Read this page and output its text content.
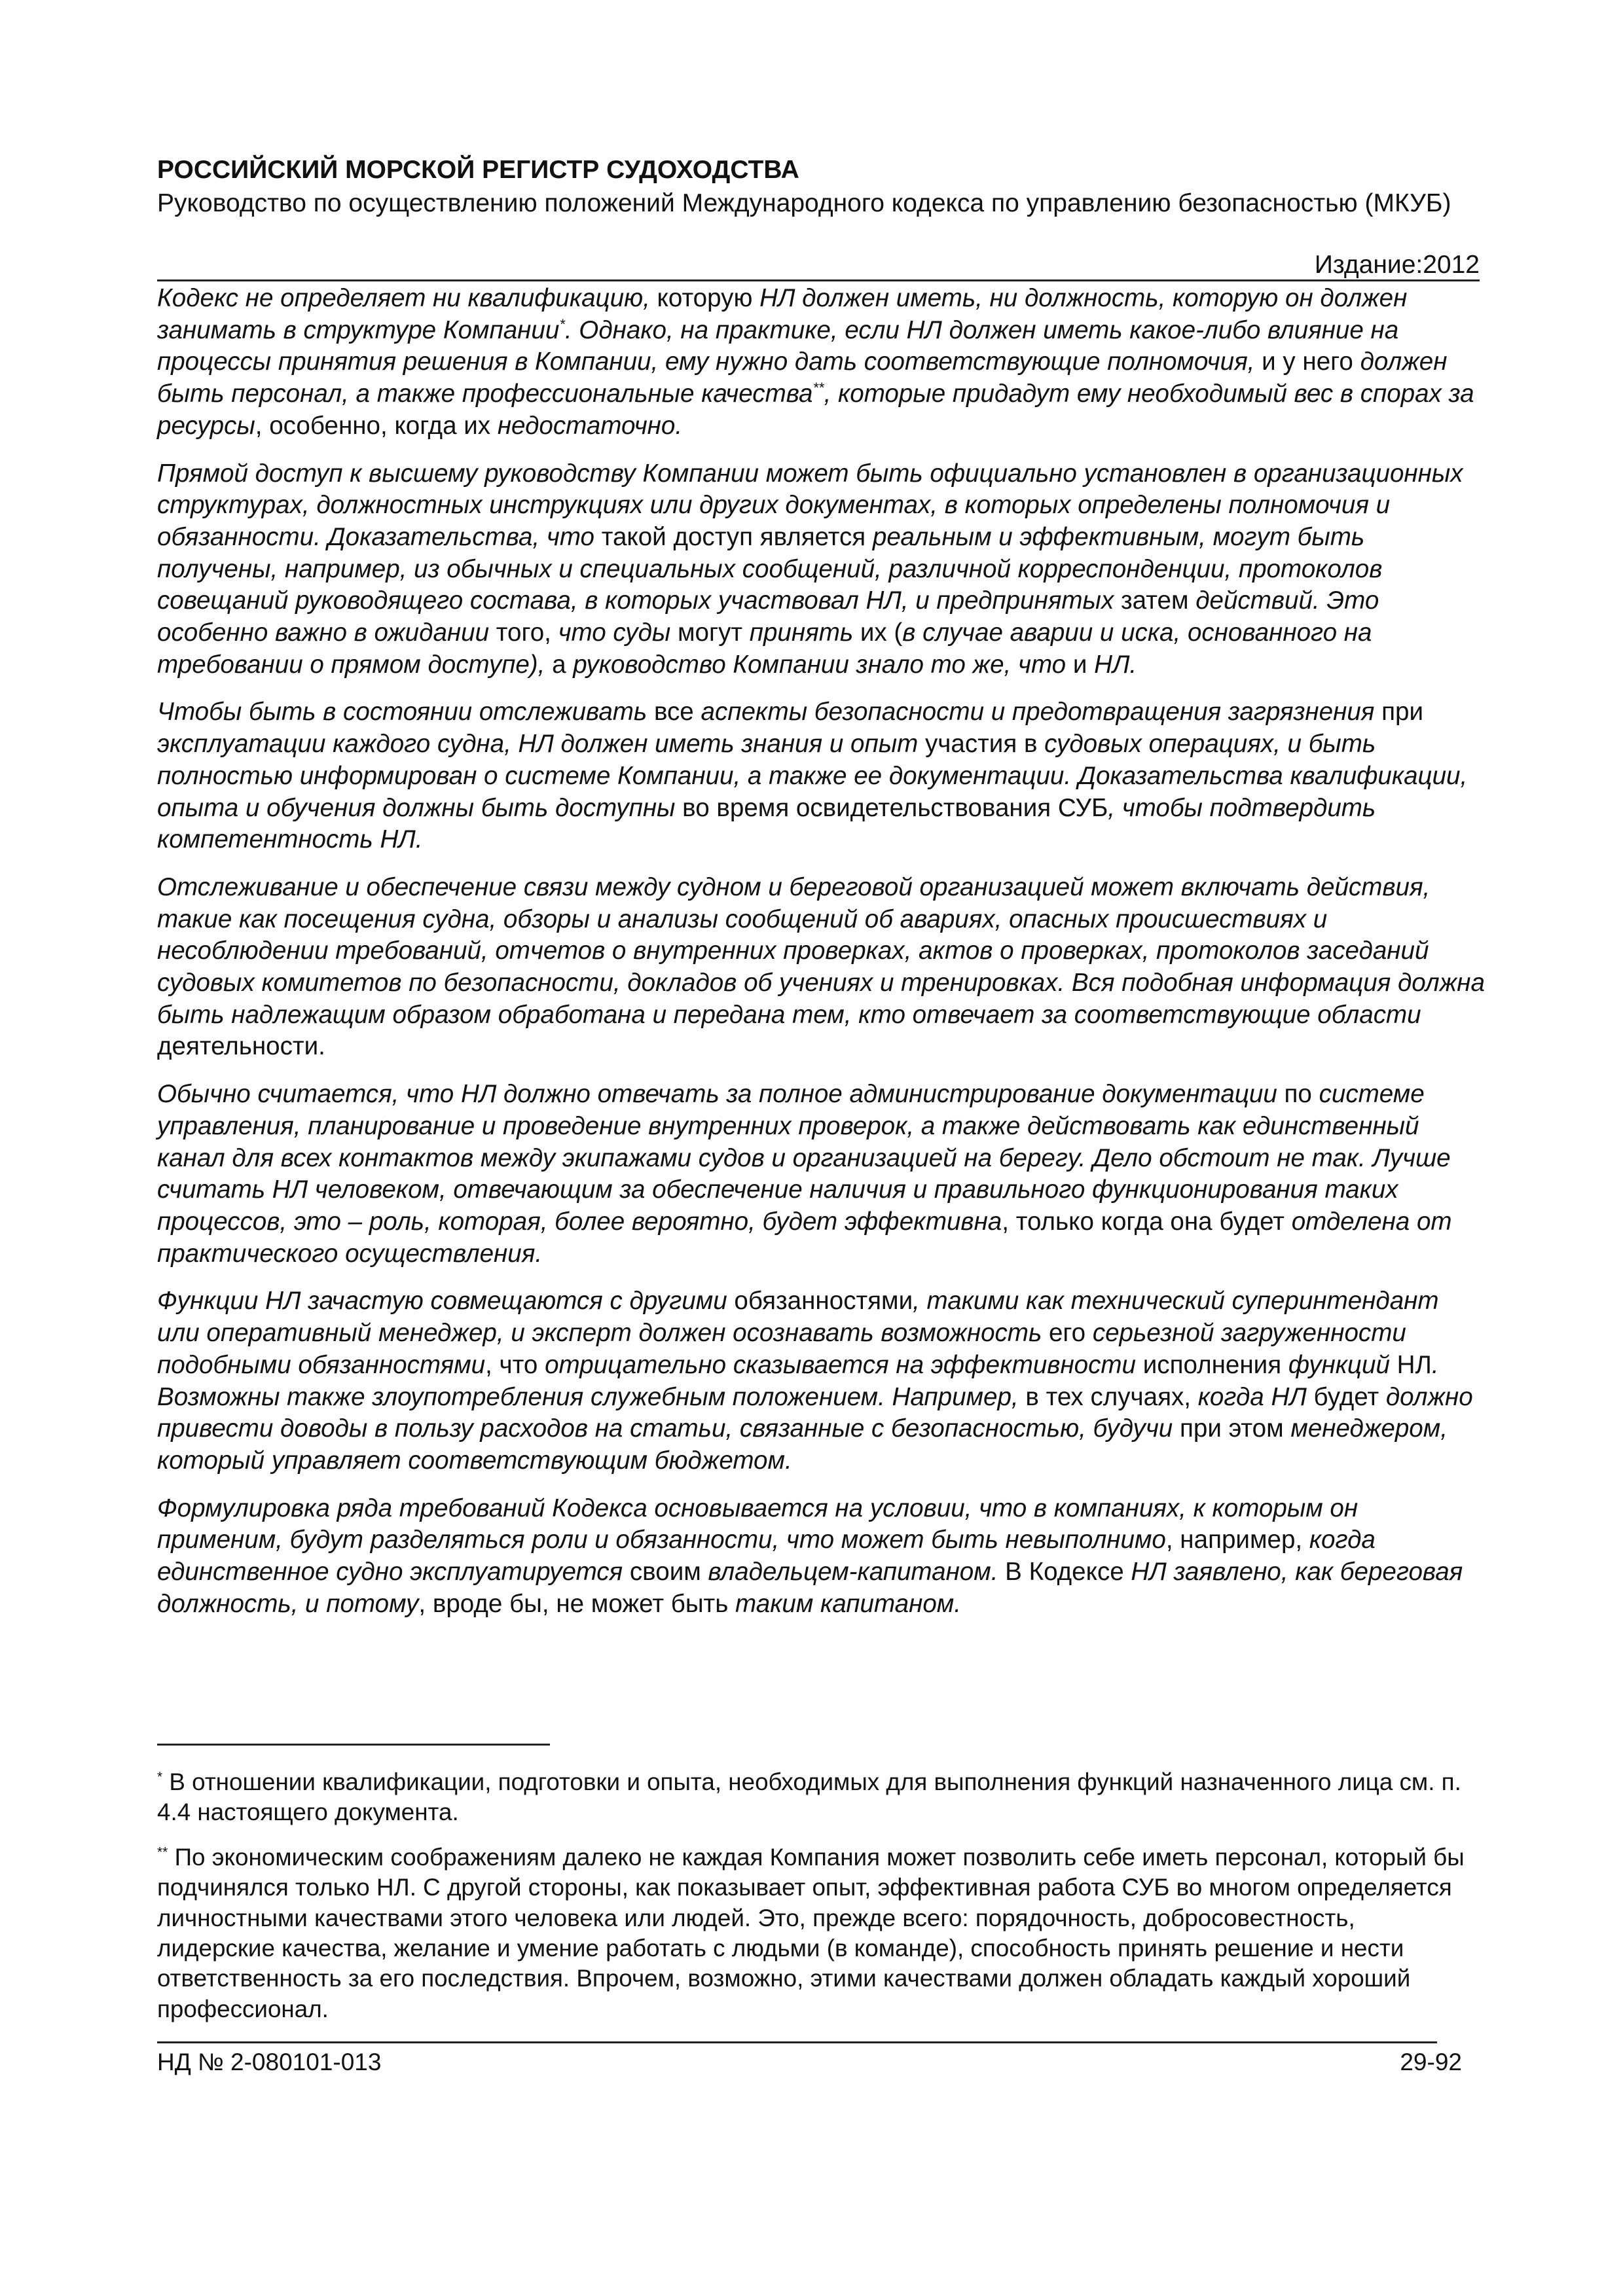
РОССИЙСКИЙ МОРСКОЙ РЕГИСТР СУДОХОДСТВА
Руководство по осуществлению положений Международного кодекса по управлению безопасностью (МКУБ)
Издание:2012

Кодекс не определяет ни квалификацию, которую НЛ должен иметь, ни должность, которую он должен занимать в структуре Компании*. Однако, на практике, если НЛ должен иметь какое-либо влияние на процессы принятия решения в Компании, ему нужно дать соответствующие полномочия, и у него должен быть персонал, а также профессиональные качества**, которые придадут ему необходимый вес в спорах за ресурсы, особенно, когда их недостаточно.

Прямой доступ к высшему руководству Компании может быть официально установлен в организационных структурах, должностных инструкциях или других документах, в которых определены полномочия и обязанности. Доказательства, что такой доступ является реальным и эффективным, могут быть получены, например, из обычных и специальных сообщений, различной корреспонденции, протоколов совещаний руководящего состава, в которых участвовал НЛ, и предпринятых затем действий. Это особенно важно в ожидании того, что суды могут принять их (в случае аварии и иска, основанного на требовании о прямом доступе), а руководство Компании знало то же, что и НЛ.

Чтобы быть в состоянии отслеживать все аспекты безопасности и предотвращения загрязнения при эксплуатации каждого судна, НЛ должен иметь знания и опыт участия в судовых операциях, и быть полностью информирован о системе Компании, а также ее документации. Доказательства квалификации, опыта и обучения должны быть доступны во время освидетельствования СУБ, чтобы подтвердить компетентность НЛ.

Отслеживание и обеспечение связи между судном и береговой организацией может включать действия, такие как посещения судна, обзоры и анализы сообщений об авариях, опасных происшествиях и несоблюдении требований, отчетов о внутренних проверках, актов о проверках, протоколов заседаний судовых комитетов по безопасности, докладов об учениях и тренировках. Вся подобная информация должна быть надлежащим образом обработана и передана тем, кто отвечает за соответствующие области деятельности.

Обычно считается, что НЛ должно отвечать за полное администрирование документации по системе управления, планирование и проведение внутренних проверок, а также действовать как единственный канал для всех контактов между экипажами судов и организацией на берегу. Дело обстоит не так. Лучше считать НЛ человеком, отвечающим за обеспечение наличия и правильного функционирования таких процессов, это – роль, которая, более вероятно, будет эффективна, только когда она будет отделена от практического осуществления.

Функции НЛ зачастую совмещаются с другими обязанностями, такими как технический суперинтендант или оперативный менеджер, и эксперт должен осознавать возможность его серьезной загруженности подобными обязанностями, что отрицательно сказывается на эффективности исполнения функций НЛ. Возможны также злоупотребления служебным положением. Например, в тех случаях, когда НЛ будет должно привести доводы в пользу расходов на статьи, связанные с безопасностью, будучи при этом менеджером, который управляет соответствующим бюджетом.

Формулировка ряда требований Кодекса основывается на условии, что в компаниях, к которым он применим, будут разделяться роли и обязанности, что может быть невыполнимо, например, когда единственное судно эксплуатируется своим владельцем-капитаном. В Кодексе НЛ заявлено, как береговая должность, и потому, вроде бы, не может быть таким капитаном.

* В отношении квалификации, подготовки и опыта, необходимых для выполнения функций назначенного лица см. п. 4.4 настоящего документа.

** По экономическим соображениям далеко не каждая Компания может позволить себе иметь персонал, который бы подчинялся только НЛ. С другой стороны, как показывает опыт, эффективная работа СУБ во многом определяется личностными качествами этого человека или людей. Это, прежде всего: порядочность, добросовестность, лидерские качества, желание и умение работать с людьми (в команде), способность принять решение и нести ответственность за его последствия. Впрочем, возможно, этими качествами должен обладать каждый хороший профессионал.

НД № 2-080101-013	29-92
